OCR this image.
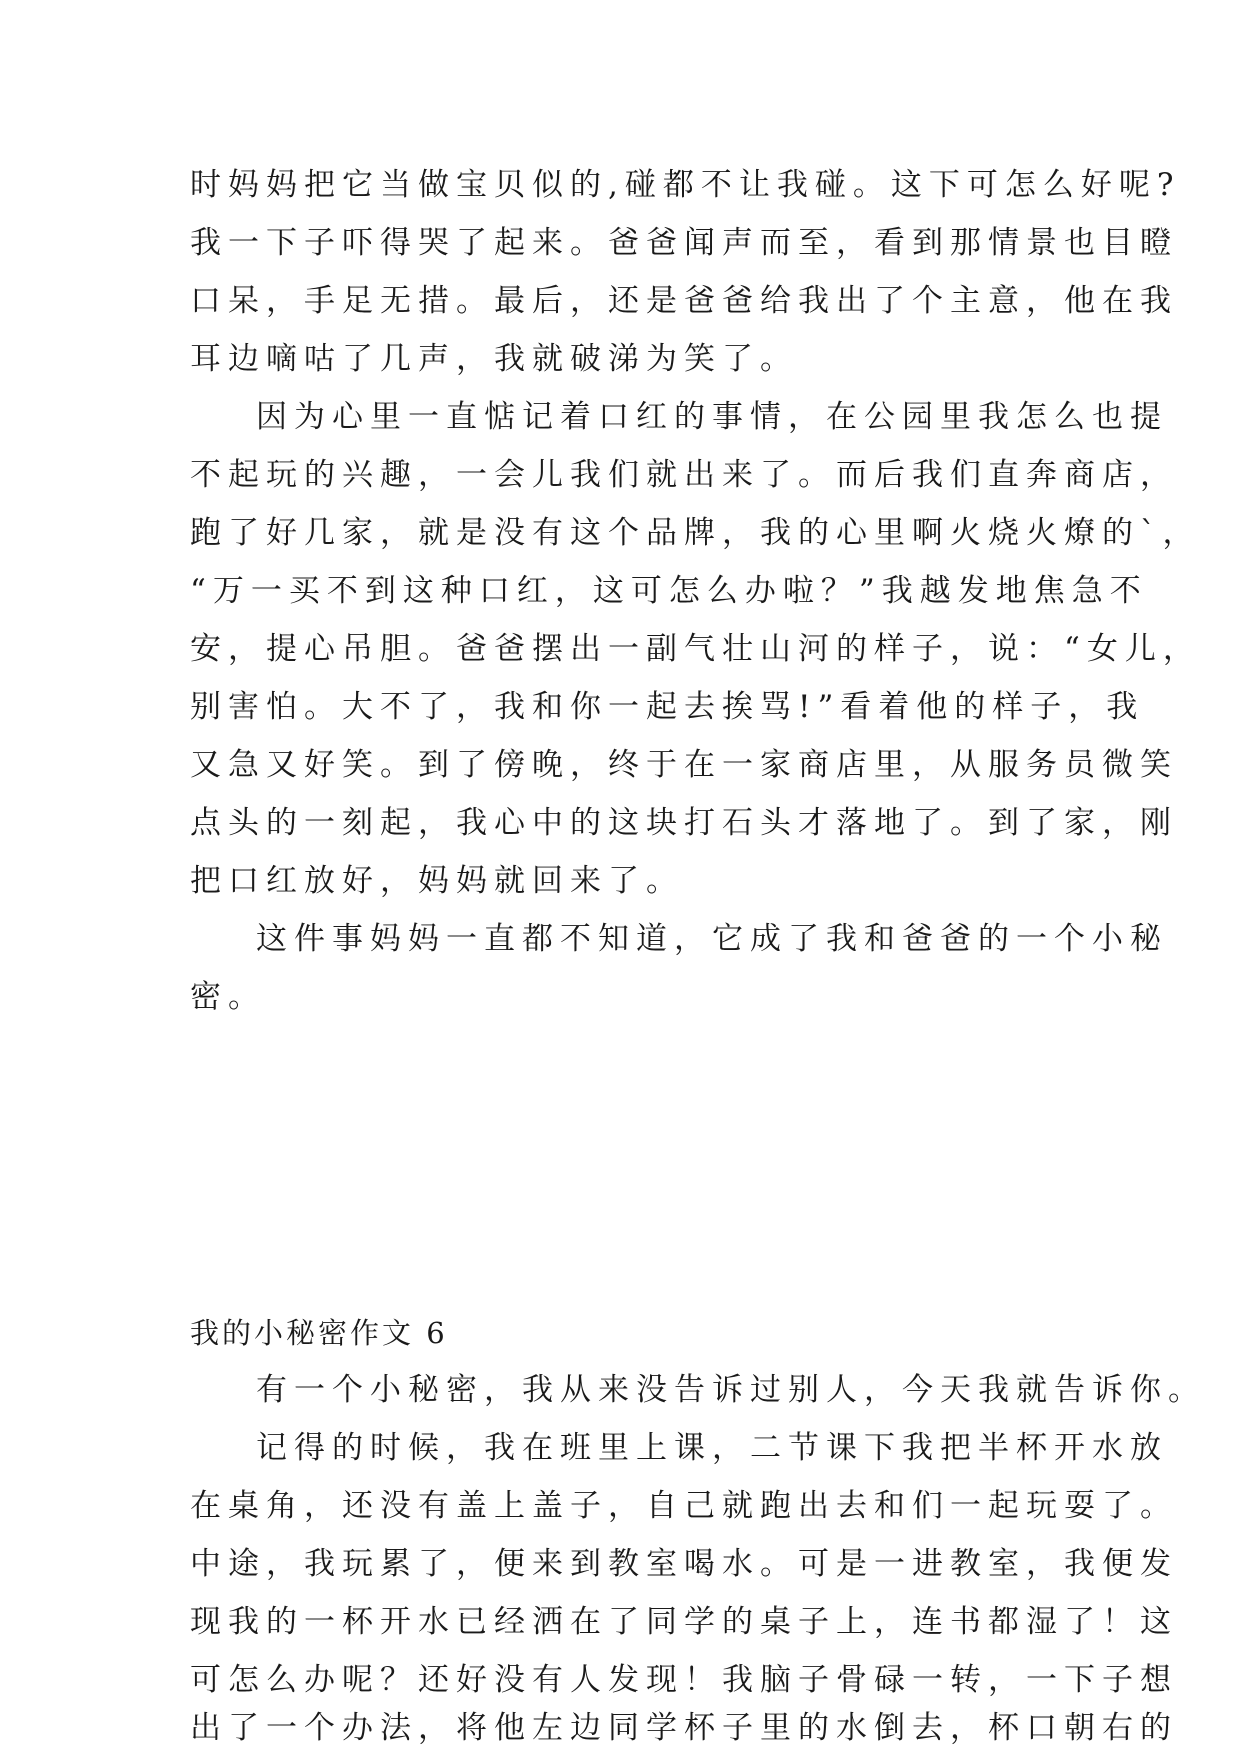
时妈妈把它当做宝贝似的,碰都不让我碰。这下可怎么好呢?
我一下子吓得哭了起来。爸爸闻声而至，看到那情景也目瞪
口呆，手足无措。最后，还是爸爸给我出了个主意，他在我
耳边嘀咕了几声，我就破涕为笑了。
因为心里一直惦记着口红的事情，在公园里我怎么也提
不起玩的兴趣，一会儿我们就出来了。而后我们直奔商店，
跑了好几家，就是没有这个品牌，我的心里啊火烧火燎的`，
“万一买不到这种口红，这可怎么办啦？”我越发地焦急不
安，提心吊胆。爸爸摆出一副气壮山河的样子，说：“女儿，
别害怕。大不了，我和你一起去挨骂!”看着他的样子，我
又急又好笑。到了傍晚，终于在一家商店里，从服务员微笑
点头的一刻起，我心中的这块打石头才落地了。到了家，刚
把口红放好，妈妈就回来了。
这件事妈妈一直都不知道，它成了我和爸爸的一个小秘
密。
我的小秘密作文 6
有一个小秘密，我从来没告诉过别人，今天我就告诉你。
记得的时候，我在班里上课，二节课下我把半杯开水放
在桌角，还没有盖上盖子，自己就跑出去和们一起玩耍了。
中途，我玩累了，便来到教室喝水。可是一进教室，我便发
现我的一杯开水已经洒在了同学的桌子上，连书都湿了！这
可怎么办呢？还好没有人发现！我脑子骨碌一转，一下子想
出了一个办法，将他左边同学杯子里的水倒去，杯口朝右的
